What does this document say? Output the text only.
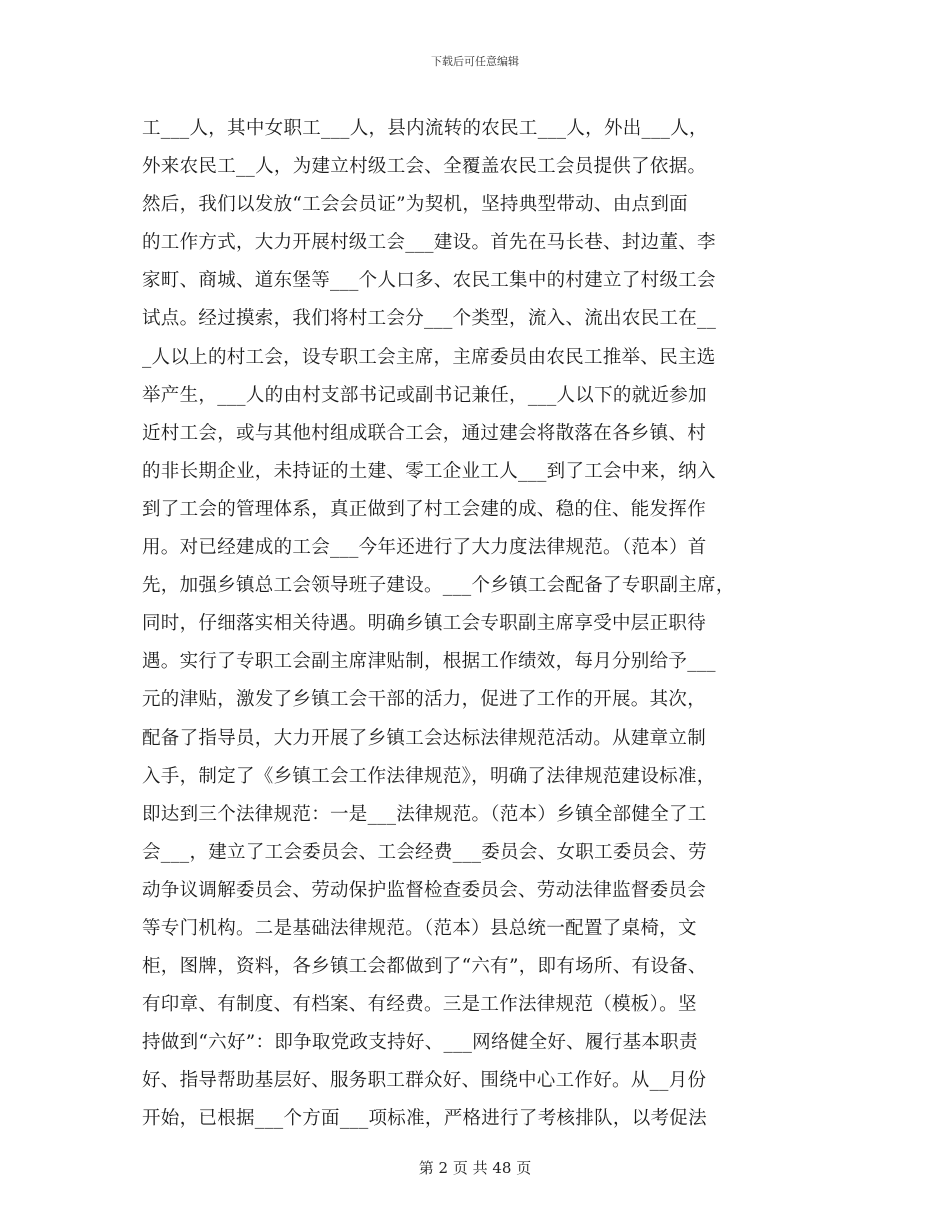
下载后可任意编辑
工___人，其中女职工___人，县内流转的农民工___人，外出___人，
外来农民工__人，为建立村级工会、全覆盖农民工会员提供了依据。
然后，我们以发放“工会会员证”为契机，坚持典型带动、由点到面
的工作方式，大力开展村级工会___建设。首先在马长巷、封边董、李
家町、商城、道东堡等___个人口多、农民工集中的村建立了村级工会
试点。经过摸索，我们将村工会分___个类型，流入、流出农民工在__
_人以上的村工会，设专职工会主席，主席委员由农民工推举、民主选
举产生，___人的由村支部书记或副书记兼任，___人以下的就近参加
近村工会，或与其他村组成联合工会，通过建会将散落在各乡镇、村
的非长期企业，未持证的土建、零工企业工人___到了工会中来，纳入
到了工会的管理体系，真正做到了村工会建的成、稳的住、能发挥作
用。对已经建成的工会___今年还进行了大力度法律规范。（范本）首
先，加强乡镇总工会领导班子建设。___个乡镇工会配备了专职副主席，
同时，仔细落实相关待遇。明确乡镇工会专职副主席享受中层正职待
遇。实行了专职工会副主席津贴制，根据工作绩效，每月分别给予___
元的津贴，激发了乡镇工会干部的活力，促进了工作的开展。其次，
配备了指导员，大力开展了乡镇工会达标法律规范活动。从建章立制
入手，制定了《乡镇工会工作法律规范》，明确了法律规范建设标准，
即达到三个法律规范：一是___法律规范。（范本）乡镇全部健全了工
会___，建立了工会委员会、工会经费___委员会、女职工委员会、劳
动争议调解委员会、劳动保护监督检查委员会、劳动法律监督委员会
等专门机构。二是基础法律规范。（范本）县总统一配置了桌椅，文
柜，图牌，资料，各乡镇工会都做到了“六有”，即有场所、有设备、
有印章、有制度、有档案、有经费。三是工作法律规范（模板）。坚
持做到“六好”：即争取党政支持好、___网络健全好、履行基本职责
好、指导帮助基层好、服务职工群众好、围绕中心工作好。从__月份
开始，已根据___个方面___项标准，严格进行了考核排队，以考促法
第 2 页 共 48 页
